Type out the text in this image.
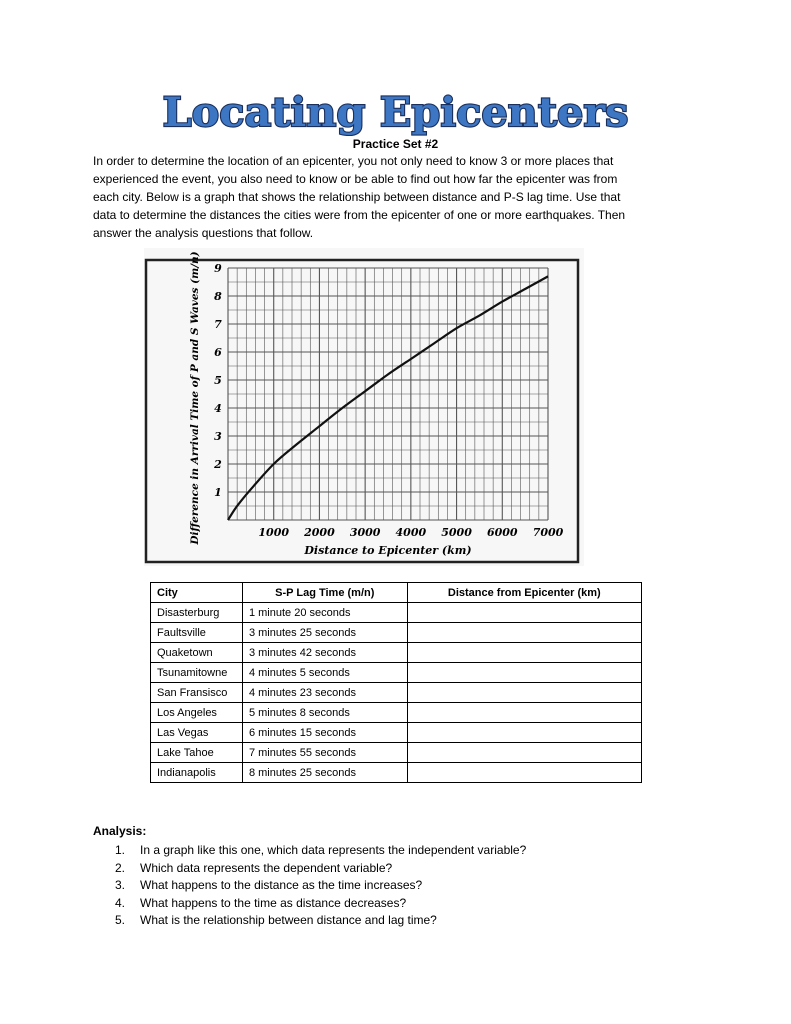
Locating Epicenters
Practice Set #2
In order to determine the location of an epicenter, you not only need to know 3 or more places that
experienced the event, you also need to know or be able to find out how far the epicenter was from
each city. Below is a graph that shows the relationship between distance and P-S lag time. Use that
data to determine the distances the cities were from the epicenter of one or more earthquakes. Then
answer the analysis questions that follow.
1000 2000 3000 4000 5000 6000 7000
1
2
3
4
5
6
7
8
9
Distance to Epicenter (km)
Difference in Arrival Time of P and S Waves (m/n)
City	S-P Lag Time (m/n)	Distance from Epicenter (km)
Disasterburg	1 minute 20 seconds	
Faultsville	3 minutes 25 seconds	
Quaketown	3 minutes 42 seconds	
Tsunamitowne	4 minutes 5 seconds	
San Fransisco	4 minutes 23 seconds	
Los Angeles	5 minutes 8 seconds	
Las Vegas	6 minutes 15 seconds	
Lake Tahoe	7 minutes 55 seconds	
Indianapolis	8 minutes 25 seconds	
Analysis:
1. In a graph like this one, which data represents the independent variable?
2. Which data represents the dependent variable?
3. What happens to the distance as the time increases?
4. What happens to the time as distance decreases?
5. What is the relationship between distance and lag time?
